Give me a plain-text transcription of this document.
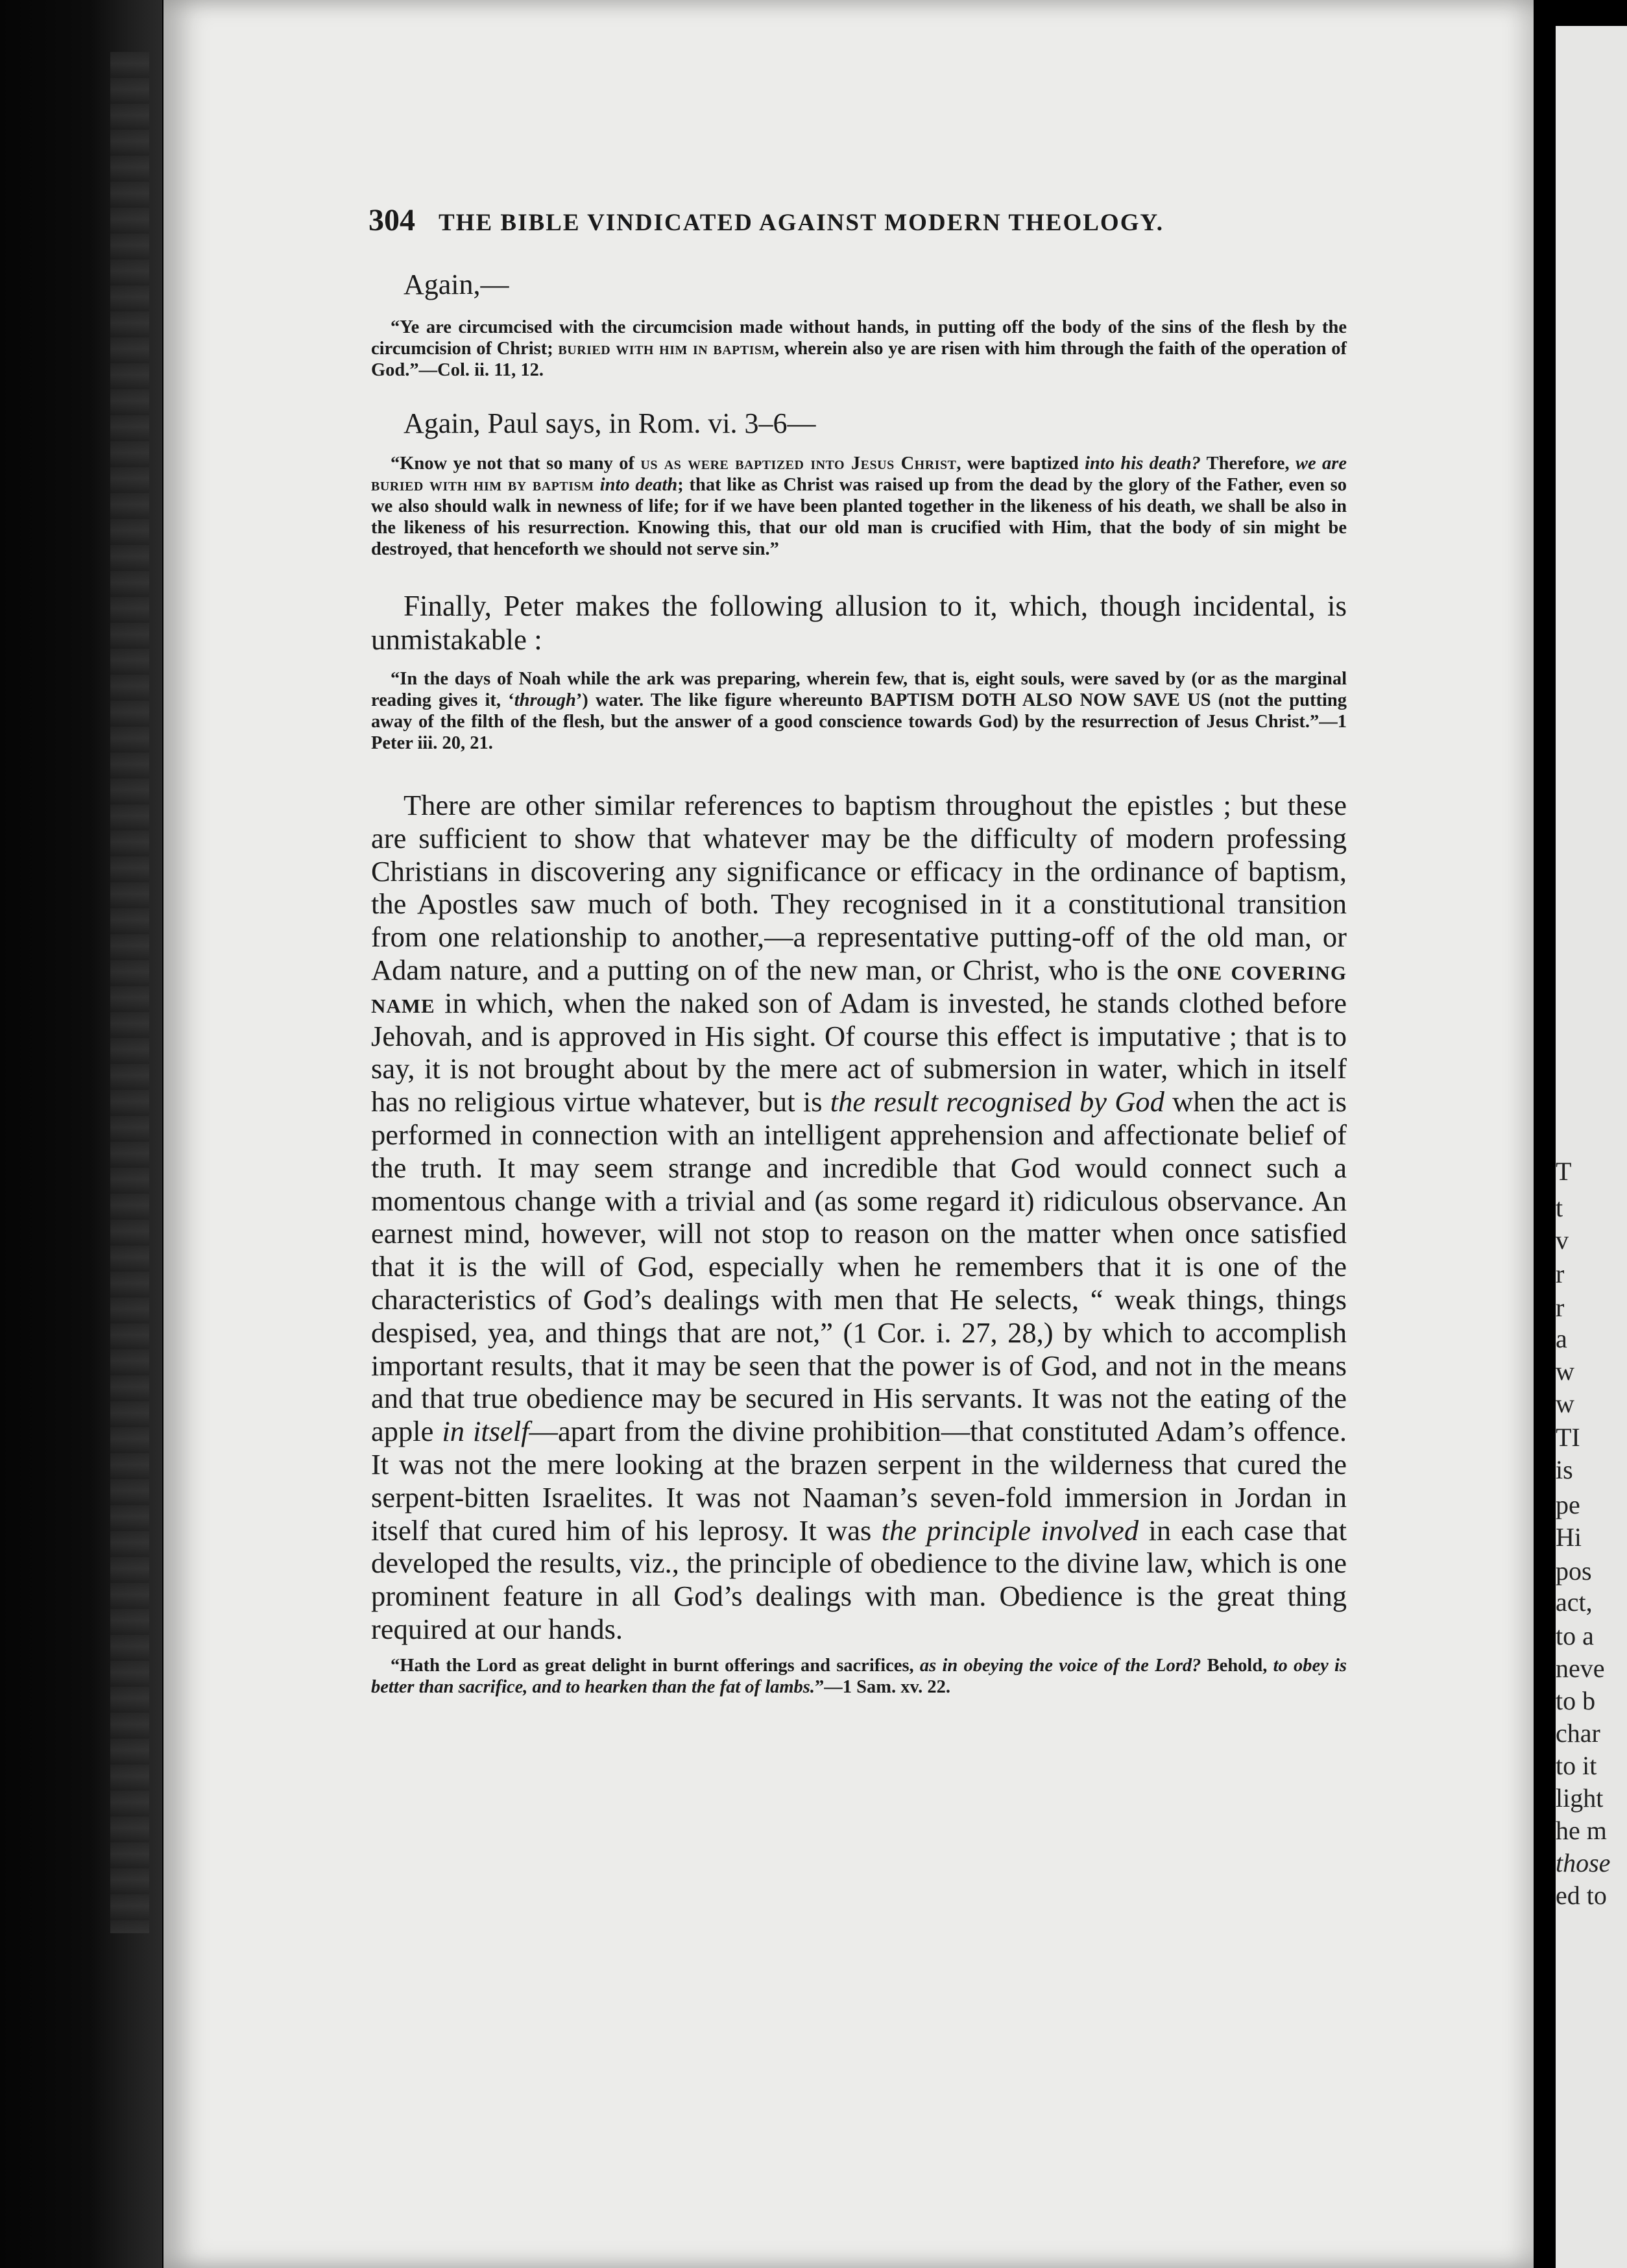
T
t
v
r
r
a
w
w
TI
is
pe
Hi
pos
act,
to a
neve
to b
char
to it
light
he m
those
ed to
304 THE BIBLE VINDICATED AGAINST MODERN THEOLOGY.

Again,—

“Ye are circumcised with the circumcision made without hands, in putting off the body of the sins of the flesh by the circumcision of Christ; buried with him in baptism, wherein also ye are risen with him through the faith of the operation of God.”—Col. ii. 11, 12.

Again, Paul says, in Rom. vi. 3–6—

“Know ye not that so many of us as were baptized into Jesus Christ, were baptized into his death? Therefore, we are buried with him by baptism into death; that like as Christ was raised up from the dead by the glory of the Father, even so we also should walk in newness of life; for if we have been planted together in the likeness of his death, we shall be also in the likeness of his resurrection. Knowing this, that our old man is crucified with Him, that the body of sin might be destroyed, that henceforth we should not serve sin.”

Finally, Peter makes the following allusion to it, which, though incidental, is unmistakable :

“In the days of Noah while the ark was preparing, wherein few, that is, eight souls, were saved by (or as the marginal reading gives it, ‘through’) water. The like figure whereunto BAPTISM DOTH ALSO NOW SAVE US (not the putting away of the filth of the flesh, but the answer of a good conscience towards God) by the resurrection of Jesus Christ.”—1 Peter iii. 20, 21.

There are other similar references to baptism throughout the epistles ; but these are sufficient to show that whatever may be the difficulty of modern professing Christians in discovering any significance or efficacy in the ordinance of baptism, the Apostles saw much of both. They recognised in it a constitutional transition from one relationship to another,—a representative putting-off of the old man, or Adam nature, and a putting on of the new man, or Christ, who is the one covering name in which, when the naked son of Adam is invested, he stands clothed before Jehovah, and is approved in His sight. Of course this effect is imputative ; that is to say, it is not brought about by the mere act of submersion in water, which in itself has no religious virtue whatever, but is the result recognised by God when the act is performed in connection with an intelligent apprehension and affectionate belief of the truth. It may seem strange and incredible that God would connect such a momentous change with a trivial and (as some regard it) ridiculous observance. An earnest mind, however, will not stop to reason on the matter when once satisfied that it is the will of God, especially when he remembers that it is one of the characteristics of God’s dealings with men that He selects, “ weak things, things despised, yea, and things that are not,” (1 Cor. i. 27, 28,) by which to accomplish important results, that it may be seen that the power is of God, and not in the means and that true obedience may be secured in His servants. It was not the eating of the apple in itself—apart from the divine prohibition—that constituted Adam’s offence. It was not the mere looking at the brazen serpent in the wilderness that cured the serpent-bitten Israelites. It was not Naaman’s seven-fold immersion in Jordan in itself that cured him of his leprosy. It was the principle involved in each case that developed the results, viz., the principle of obedience to the divine law, which is one prominent feature in all God’s dealings with man. Obedience is the great thing required at our hands.

“Hath the Lord as great delight in burnt offerings and sacrifices, as in obeying the voice of the Lord? Behold, to obey is better than sacrifice, and to hearken than the fat of lambs.”—1 Sam. xv. 22.
